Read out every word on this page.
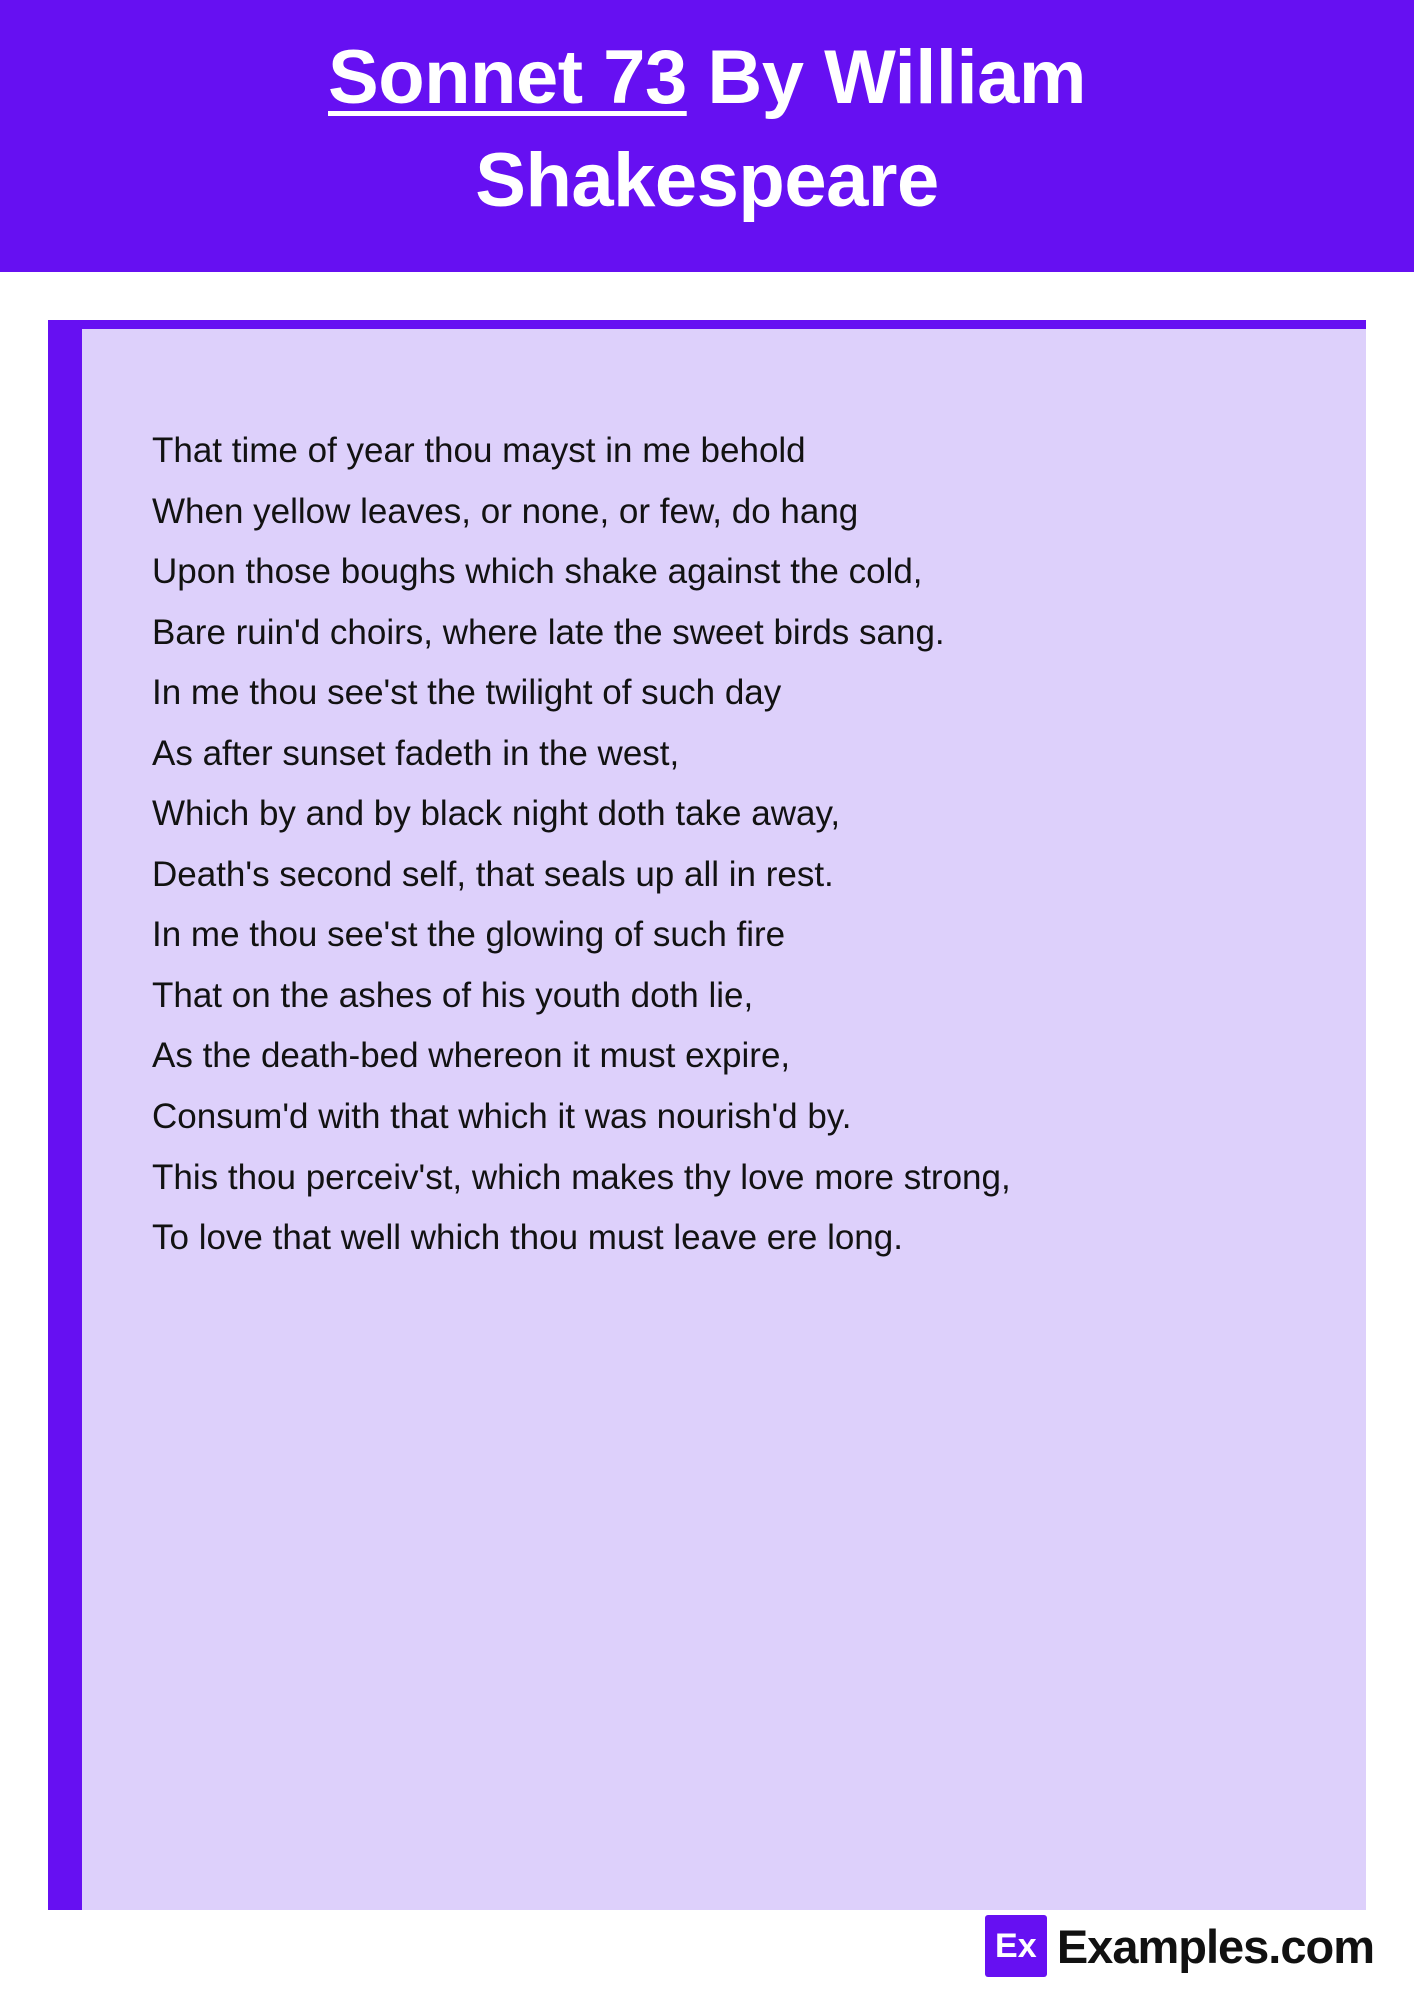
Sonnet 73 By William Shakespeare
That time of year thou mayst in me behold
When yellow leaves, or none, or few, do hang
Upon those boughs which shake against the cold,
Bare ruin'd choirs, where late the sweet birds sang.
In me thou see'st the twilight of such day
As after sunset fadeth in the west,
Which by and by black night doth take away,
Death's second self, that seals up all in rest.
In me thou see'st the glowing of such fire
That on the ashes of his youth doth lie,
As the death-bed whereon it must expire,
Consum'd with that which it was nourish'd by.
This thou perceiv'st, which makes thy love more strong,
To love that well which thou must leave ere long.
Ex Examples.com
